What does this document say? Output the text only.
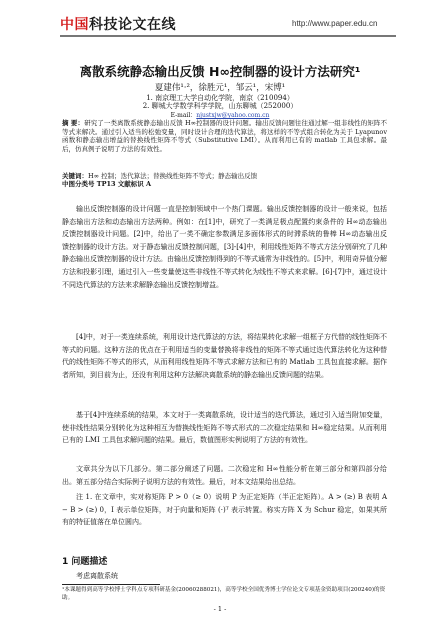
中国科技论文在线	http://www.paper.edu.cn
离散系统静态输出反馈 H∞控制器的设计方法研究¹
夏建伟¹·²，徐胜元¹，邹云¹，宋博¹
1. 南京理工大学自动化学院，南京（210094）
2. 聊城大学数学科学学院，山东聊城（252000）
E-mail：njustxjw@yahoo.com.cn
摘 要：研究了一类离散系统静态输出反馈 H∞控制器的设计问题。输出反馈问题往往通过解一组非线性的矩阵不等式来解决。通过引入适当的松弛变量，同时设计合理的迭代算法，将这样的不等式组合转化为关于 Lyapunov 函数和静态输出增益的替换线性矩阵不等式（Substitutive LMI）。从而利用已有的 matlab 工具包求解。最后，仿真例子说明了方法的有效性。
关键词：H∞ 控制；迭代算法；替换线性矩阵不等式；静态输出反馈
中图分类号 TP13 文献标识 A

输出反馈控制器的设计问题一直是控制领域中一个热门课题。输出反馈控制器的设计一般来说，包括静态输出方法和动态输出方法两种。例如：在[1]中，研究了一类满足极点配置约束条件的 H∞动态输出反馈控制器设计问题。[2]中，给出了一类不确定参数满足多面体形式的时滞系统的鲁棒 H∞动态输出反馈控制器的设计方法。对于静态输出反馈控制问题，[3]-[4]中，利用线性矩阵不等式方法分别研究了几种静态输出反馈控制器的设计方法。由输出反馈控制得到的不等式通常为非线性的。[5]中，利用奇异值分解方法和投影引理，通过引入一些变量使这些非线性不等式转化为线性不等式来求解。[6]-[7]中，通过设计不同迭代算法的方法来求解静态输出反馈控制增益。

[4]中，对于一类连续系统，利用设计迭代算法的方法，将结果转化求解一组框子方代替的线性矩阵不等式的问题。这种方法的优点在于利用适当的变量替换将非线性的矩阵不等式通过迭代算法转化为这种替代的线性矩阵不等式的形式，从而利用线性矩阵不等式求解方法和已有的 Matlab 工具包直接求解。据作者所知，到目前为止，还没有利用这种方法解决离散系统的静态输出反馈问题的结果。

基于[4]中连续系统的结果，本文对于一类离散系统，设计适当的迭代算法，通过引入适当附加变量，使非线性结果分别转化为这种相互为替换线性矩阵不等式形式的二次稳定结果和 H∞稳定结果。从而利用已有的 LMI 工具包求解问题的结果。最后，数值图形实例说明了方法的有效性。

文章共分为以下几部分。第二部分阐述了问题。二次稳定和 H∞性能分析在第三部分和第四部分给出。第五部分结合实际例子说明方法的有效性。最后，对本文结果给出总结。

注 1. 在文章中，实对称矩阵 P > 0（≥ 0）说明 P 为正定矩阵（半正定矩阵）。A > (≥) B 表明 A − B > (≥) 0，I 表示单位矩阵，对于向量和矩阵 (·)ᵀ 表示转置。称实方阵 X 为 Schur 稳定，如果其所有的特征值落在单位圆内。

1 问题描述
考虑离散系统
¹本课题得到高等学校博士学科点专项科研基金(20060288021)，高等学校全国优秀博士学位论文专项基金资助项目(200240)的资助。
- 1 -
